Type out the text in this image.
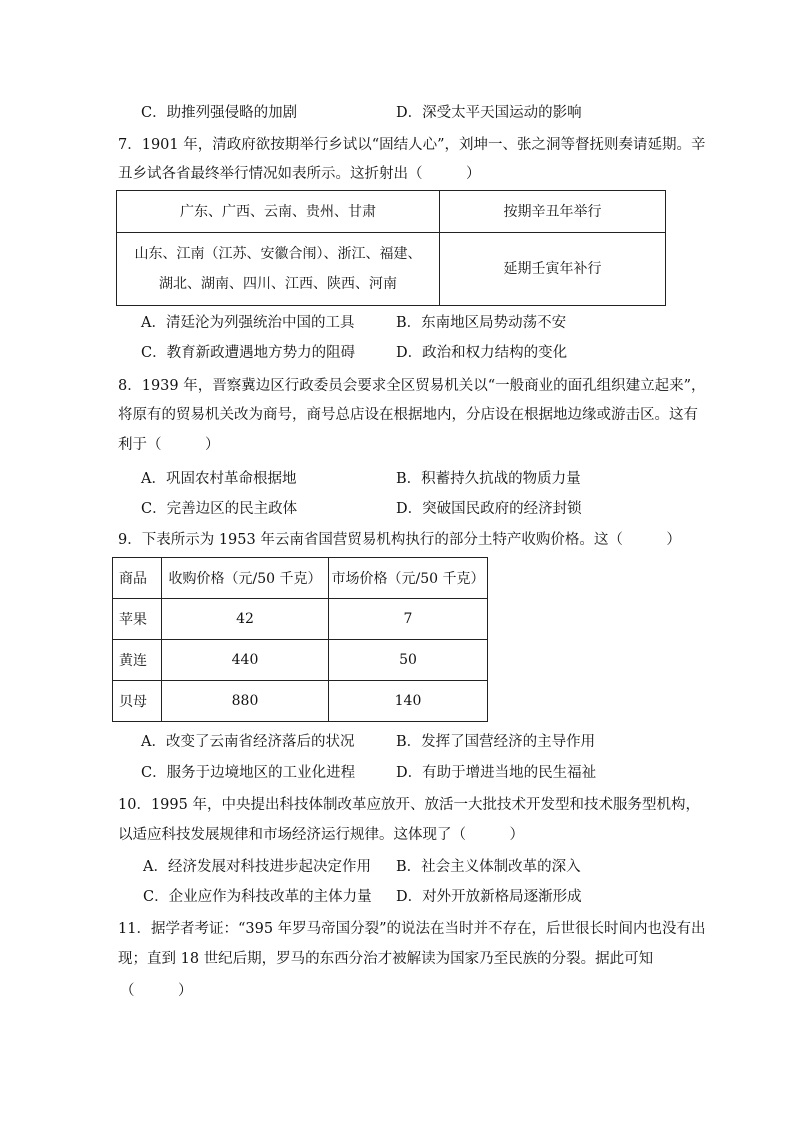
C．助推列强侵略的加剧	D．深受太平天国运动的影响
7．1901 年，清政府欲按期举行乡试以“固结人心”，刘坤一、张之洞等督抚则奏请延期。辛
丑乡试各省最终举行情况如表所示。这折射出（　　　）
广东、广西、云南、贵州、甘肃	按期辛丑年举行

山东、江南（江苏、安徽合闱）、浙江、福建、
湖北、湖南、四川、江西、陕西、河南	延期壬寅年补行
A．清廷沦为列强统治中国的工具	B．东南地区局势动荡不安
C．教育新政遭遇地方势力的阻碍	D．政治和权力结构的变化
8．1939 年，晋察冀边区行政委员会要求全区贸易机关以“一般商业的面孔组织建立起来”，
将原有的贸易机关改为商号，商号总店设在根据地内，分店设在根据地边缘或游击区。这有
利于（　　　）
A．巩固农村革命根据地	B．积蓄持久抗战的物质力量
C．完善边区的民主政体	D．突破国民政府的经济封锁
9．下表所示为 1953 年云南省国营贸易机构执行的部分土特产收购价格。这（　　　）
商品	收购价格（元/50 千克）	市场价格（元/50 千克）
苹果	42	7
黄连	440	50
贝母	880	140
A．改变了云南省经济落后的状况	B．发挥了国营经济的主导作用
C．服务于边境地区的工业化进程	D．有助于增进当地的民生福祉
10．1995 年，中央提出科技体制改革应放开、放活一大批技术开发型和技术服务型机构，
以适应科技发展规律和市场经济运行规律。这体现了（　　　）
A．经济发展对科技进步起决定作用 B．社会主义体制改革的深入
C．企业应作为科技改革的主体力量 D．对外开放新格局逐渐形成
11．据学者考证：“395 年罗马帝国分裂”的说法在当时并不存在，后世很长时间内也没有出
现；直到 18 世纪后期，罗马的东西分治才被解读为国家乃至民族的分裂。据此可知
（　　　）
